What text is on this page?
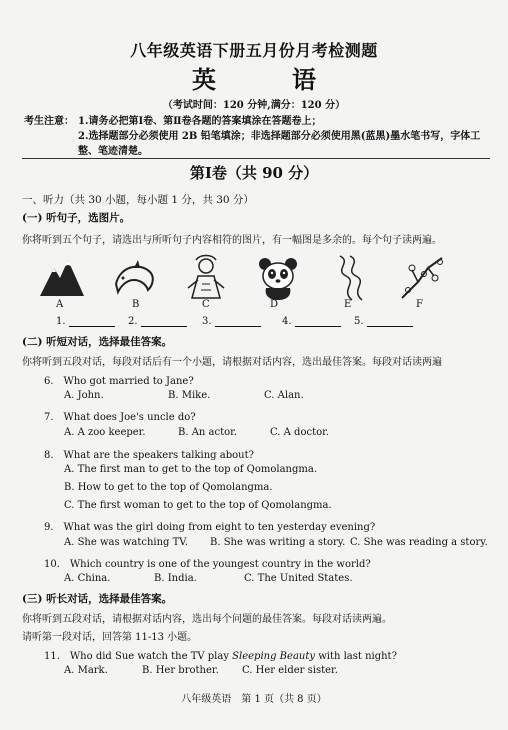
八年级英语下册五月份月考检测题
英　语
（考试时间：120 分钟,满分：120 分）
考生注意： 1.请务必把第Ⅰ卷、第Ⅱ卷各题的答案填涂在答题卷上；
2.选择题部分必须使用 2B 铅笔填涂；非选择题部分必须使用黑(蓝黑)墨水笔书写，字体工整、笔迹清楚。
第Ⅰ卷（共 90 分）
一、听力（共 30 小题，每小题 1 分，共 30 分）
(一) 听句子，选图片。
你将听到五个句子，请选出与所听句子内容相符的图片，有一幅图是多余的。每个句子读两遍。
A	B	C	D	E	F
1.	2.	3.	4.	5.
(二) 听短对话，选择最佳答案。
你将听到五段对话，每段对话后有一个小题，请根据对话内容，选出最佳答案。每段对话读两遍
6.　Who got married to Jane?
A. John.	B. Mike.	C. Alan.
7.　What does Joe's uncle do?
A. A zoo keeper.	B. An actor.	C. A doctor.
8.　What are the speakers talking about?
A. The first man to get to the top of Qomolangma.
B. How to get to the top of Qomolangma.
C. The first woman to get to the top of Qomolangma.
9.　What was the girl doing from eight to ten yesterday evening?
A. She was watching TV. B. She was writing a story. C. She was reading a story.
10.　Which country is one of the youngest country in the world?
A. China.	B. India.	C. The United States.
(三) 听长对话，选择最佳答案。
你将听到五段对话，请根据对话内容，选出每个问题的最佳答案。每段对话读两遍。
请听第一段对话，回答第 11-13 小题。
11.　Who did Sue watch the TV play Sleeping Beauty with last night?
A. Mark.	B. Her brother. C. Her elder sister.
八年级英语　第 1 页（共 8 页）
